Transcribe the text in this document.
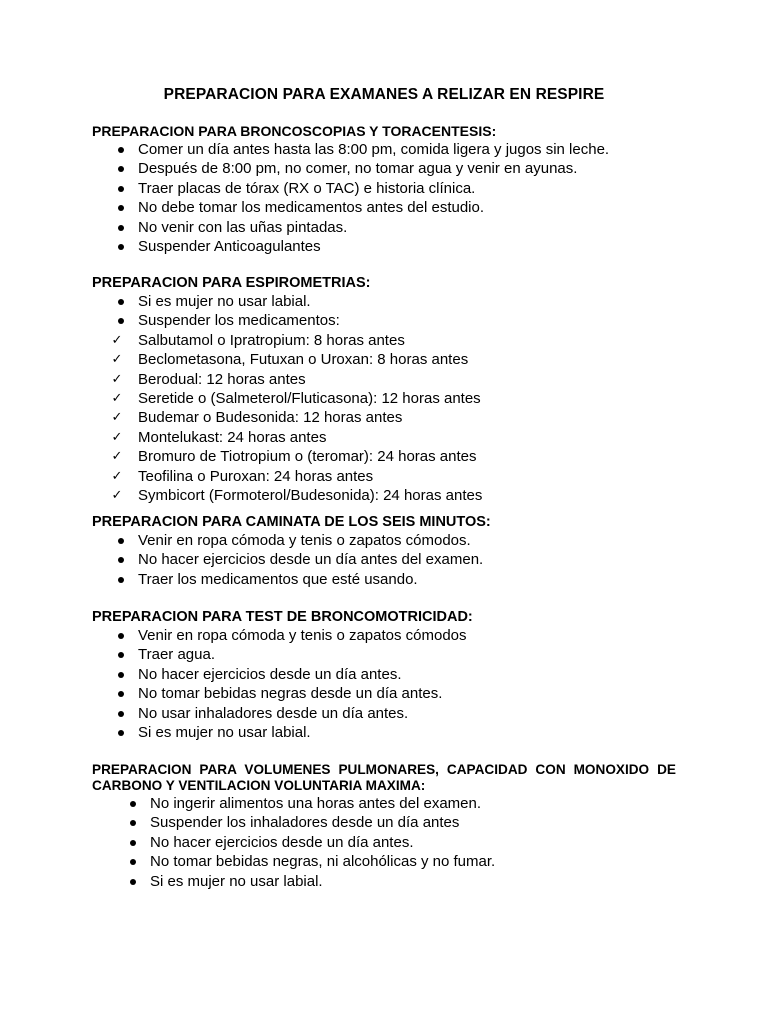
PREPARACION PARA EXAMANES A RELIZAR EN RESPIRE
PREPARACION PARA BRONCOSCOPIAS Y TORACENTESIS:
Comer un día antes hasta las 8:00 pm, comida ligera y jugos sin leche.
Después de 8:00 pm, no comer, no tomar agua y venir en ayunas.
Traer placas de tórax (RX o TAC) e historia clínica.
No debe tomar los medicamentos antes del estudio.
No venir con las uñas pintadas.
Suspender Anticoagulantes
PREPARACION PARA ESPIROMETRIAS:
Si es mujer no usar labial.
Suspender los medicamentos:
✓ Salbutamol o Ipratropium: 8 horas antes
✓ Beclometasona, Futuxan o Uroxan: 8 horas antes
✓ Berodual: 12 horas antes
✓ Seretide o (Salmeterol/Fluticasona): 12 horas antes
✓ Budemar o Budesonida: 12 horas antes
✓ Montelukast: 24 horas antes
✓ Bromuro de Tiotropium o (teromar): 24 horas antes
✓ Teofilina o Puroxan: 24 horas antes
✓ Symbicort (Formoterol/Budesonida): 24 horas antes
PREPARACION PARA CAMINATA DE LOS SEIS MINUTOS:
Venir en ropa cómoda y tenis o zapatos cómodos.
No hacer ejercicios desde un día antes del examen.
Traer los medicamentos que esté usando.
PREPARACION PARA TEST DE BRONCOMOTRICIDAD:
Venir en ropa cómoda y tenis o zapatos cómodos
Traer agua.
No hacer ejercicios desde un día antes.
No tomar bebidas negras desde un día antes.
No usar inhaladores desde un día antes.
Si es mujer no usar labial.
PREPARACION PARA VOLUMENES PULMONARES, CAPACIDAD CON MONOXIDO DE CARBONO Y VENTILACION VOLUNTARIA MAXIMA:
No ingerir alimentos una horas antes del examen.
Suspender los inhaladores desde un día antes
No hacer ejercicios desde un día antes.
No tomar bebidas negras, ni alcohólicas y no fumar.
Si es mujer no usar labial.
